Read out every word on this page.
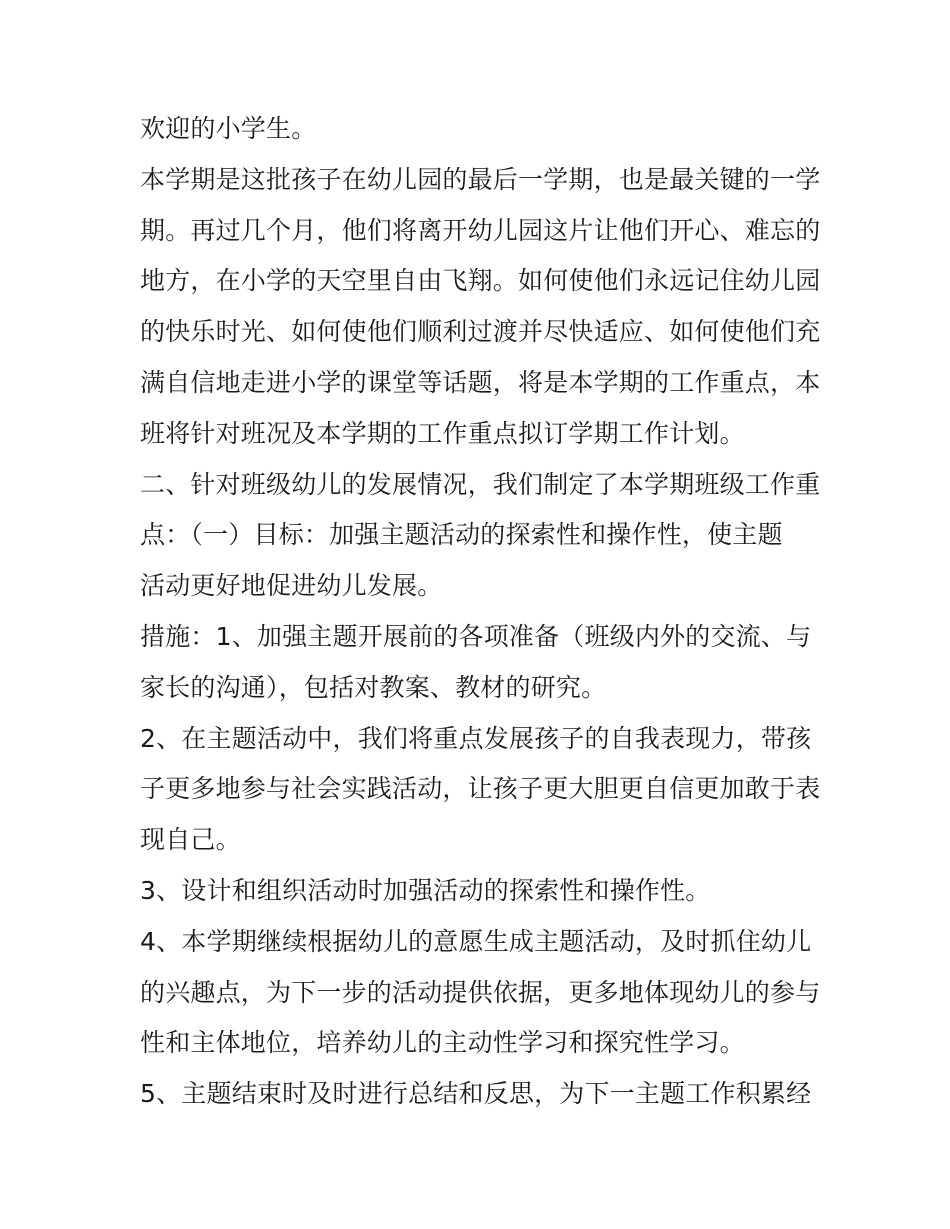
欢迎的小学生。
本学期是这批孩子在幼儿园的最后一学期，也是最关键的一学
期。再过几个月，他们将离开幼儿园这片让他们开心、难忘的
地方，在小学的天空里自由飞翔。如何使他们永远记住幼儿园
的快乐时光、如何使他们顺利过渡并尽快适应、如何使他们充
满自信地走进小学的课堂等话题，将是本学期的工作重点，本
班将针对班况及本学期的工作重点拟订学期工作计划。
二、针对班级幼儿的发展情况，我们制定了本学期班级工作重
点：（一）目标：加强主题活动的探索性和操作性，使主题
活动更好地促进幼儿发展。
措施：1、加强主题开展前的各项准备（班级内外的交流、与
家长的沟通），包括对教案、教材的研究。
2、在主题活动中，我们将重点发展孩子的自我表现力，带孩
子更多地参与社会实践活动，让孩子更大胆更自信更加敢于表
现自己。
3、设计和组织活动时加强活动的探索性和操作性。
4、本学期继续根据幼儿的意愿生成主题活动，及时抓住幼儿
的兴趣点，为下一步的活动提供依据，更多地体现幼儿的参与
性和主体地位，培养幼儿的主动性学习和探究性学习。
5、主题结束时及时进行总结和反思，为下一主题工作积累经
